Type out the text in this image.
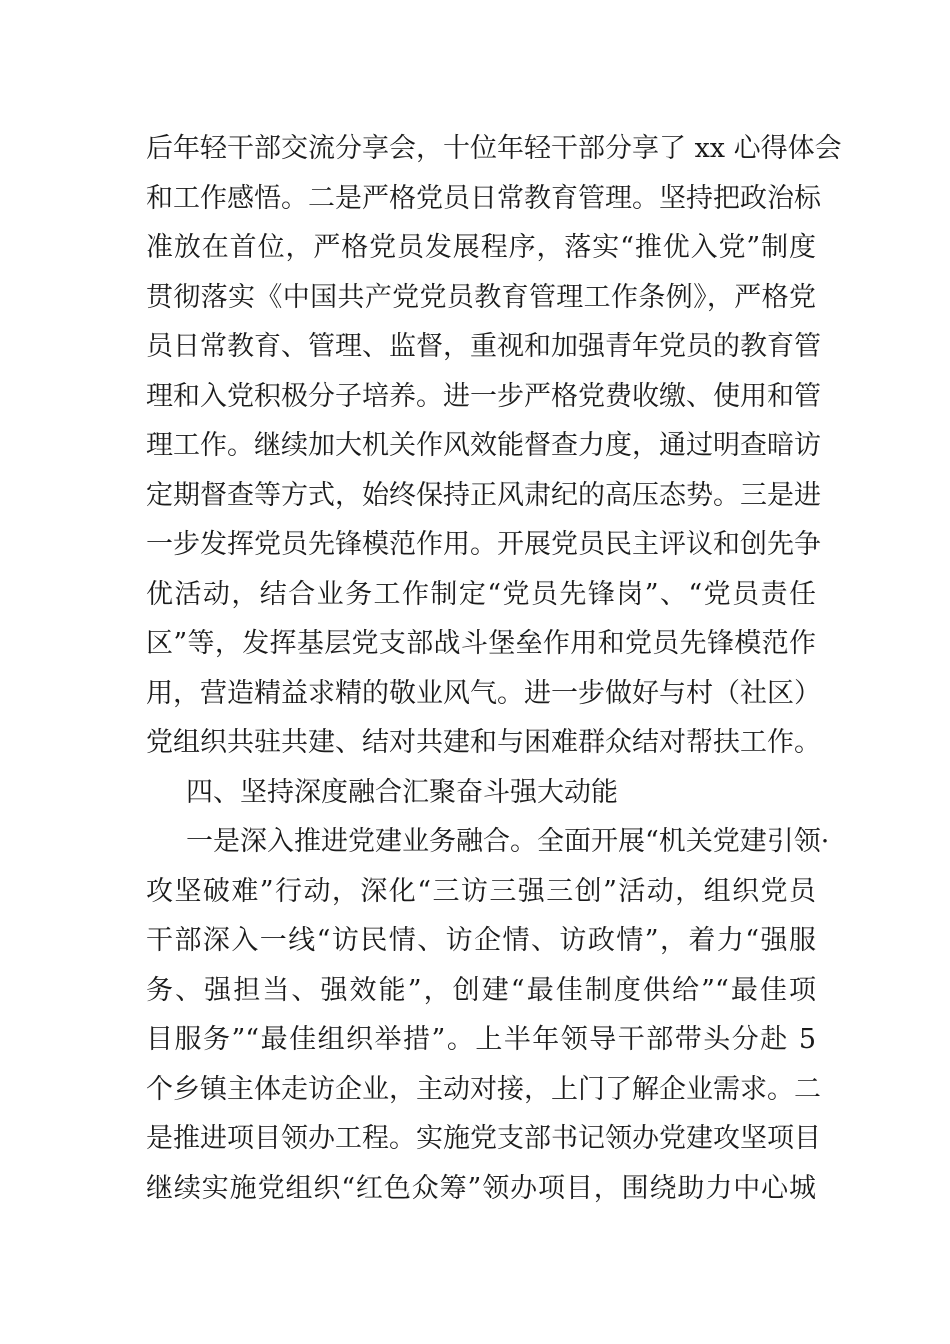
后年轻干部交流分享会，十位年轻干部分享了 xx 心得体会
和工作感悟。二是严格党员日常教育管理。坚持把政治标
准放在首位，严格党员发展程序，落实“推优入党”制度
贯彻落实《中国共产党党员教育管理工作条例》，严格党
员日常教育、管理、监督，重视和加强青年党员的教育管
理和入党积极分子培养。进一步严格党费收缴、使用和管
理工作。继续加大机关作风效能督查力度，通过明查暗访
定期督查等方式，始终保持正风肃纪的高压态势。三是进
一步发挥党员先锋模范作用。开展党员民主评议和创先争
优活动，结合业务工作制定“党员先锋岗”、“党员责任
区”等，发挥基层党支部战斗堡垒作用和党员先锋模范作
用，营造精益求精的敬业风气。进一步做好与村（社区）
党组织共驻共建、结对共建和与困难群众结对帮扶工作。
四、坚持深度融合汇聚奋斗强大动能
一是深入推进党建业务融合。全面开展“机关党建引领·
攻坚破难”行动，深化“三访三强三创”活动，组织党员
干部深入一线“访民情、访企情、访政情”，着力“强服
务、强担当、强效能”，创建“最佳制度供给”“最佳项
目服务”“最佳组织举措”。上半年领导干部带头分赴 5
个乡镇主体走访企业，主动对接，上门了解企业需求。二
是推进项目领办工程。实施党支部书记领办党建攻坚项目
继续实施党组织“红色众筹”领办项目，围绕助力中心城
